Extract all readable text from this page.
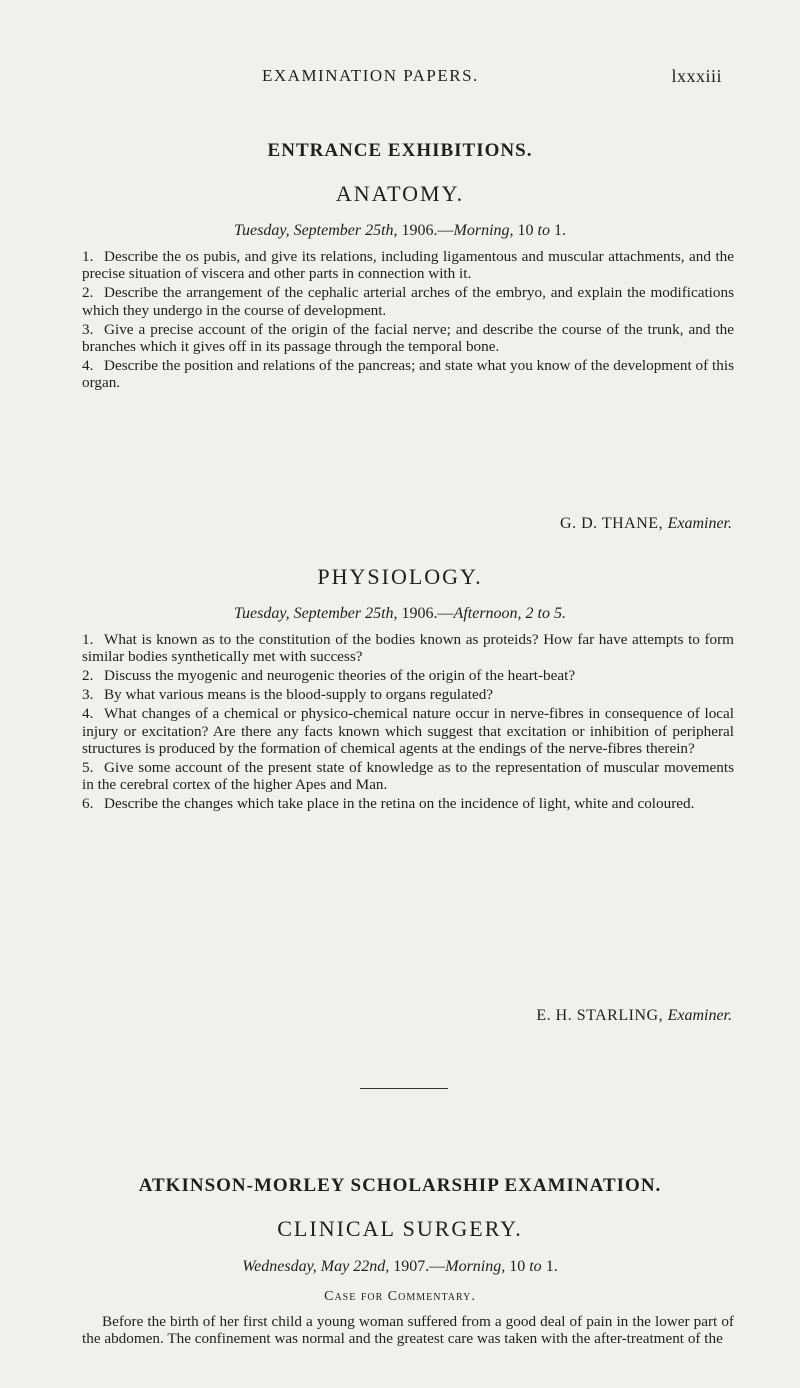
EXAMINATION PAPERS.	lxxxiii
ENTRANCE EXHIBITIONS.
ANATOMY.
Tuesday, September 25th, 1906.—Morning, 10 to 1.

1. Describe the os pubis, and give its relations, including ligamentous and muscular attachments, and the precise situation of viscera and other parts in connection with it.

2. Describe the arrangement of the cephalic arterial arches of the embryo, and explain the modifications which they undergo in the course of development.

3. Give a precise account of the origin of the facial nerve; and describe the course of the trunk, and the branches which it gives off in its passage through the temporal bone.

4. Describe the position and relations of the pancreas; and state what you know of the development of this organ.

G. D. THANE, Examiner.
PHYSIOLOGY.
Tuesday, September 25th, 1906.—Afternoon, 2 to 5.

1. What is known as to the constitution of the bodies known as proteids? How far have attempts to form similar bodies synthetically met with success?

2. Discuss the myogenic and neurogenic theories of the origin of the heart-beat?

3. By what various means is the blood-supply to organs regulated?

4. What changes of a chemical or physico-chemical nature occur in nerve-fibres in consequence of local injury or excitation? Are there any facts known which suggest that excitation or inhibition of peripheral structures is produced by the formation of chemical agents at the endings of the nerve-fibres therein?

5. Give some account of the present state of knowledge as to the representation of muscular movements in the cerebral cortex of the higher Apes and Man.

6. Describe the changes which take place in the retina on the incidence of light, white and coloured.

E. H. STARLING, Examiner.
ATKINSON-MORLEY SCHOLARSHIP EXAMINATION.
CLINICAL SURGERY.
Wednesday, May 22nd, 1907.—Morning, 10 to 1.
Case for Commentary.
Before the birth of her first child a young woman suffered from a good deal of pain in the lower part of the abdomen. The confinement was normal and the greatest care was taken with the after-treatment of the
